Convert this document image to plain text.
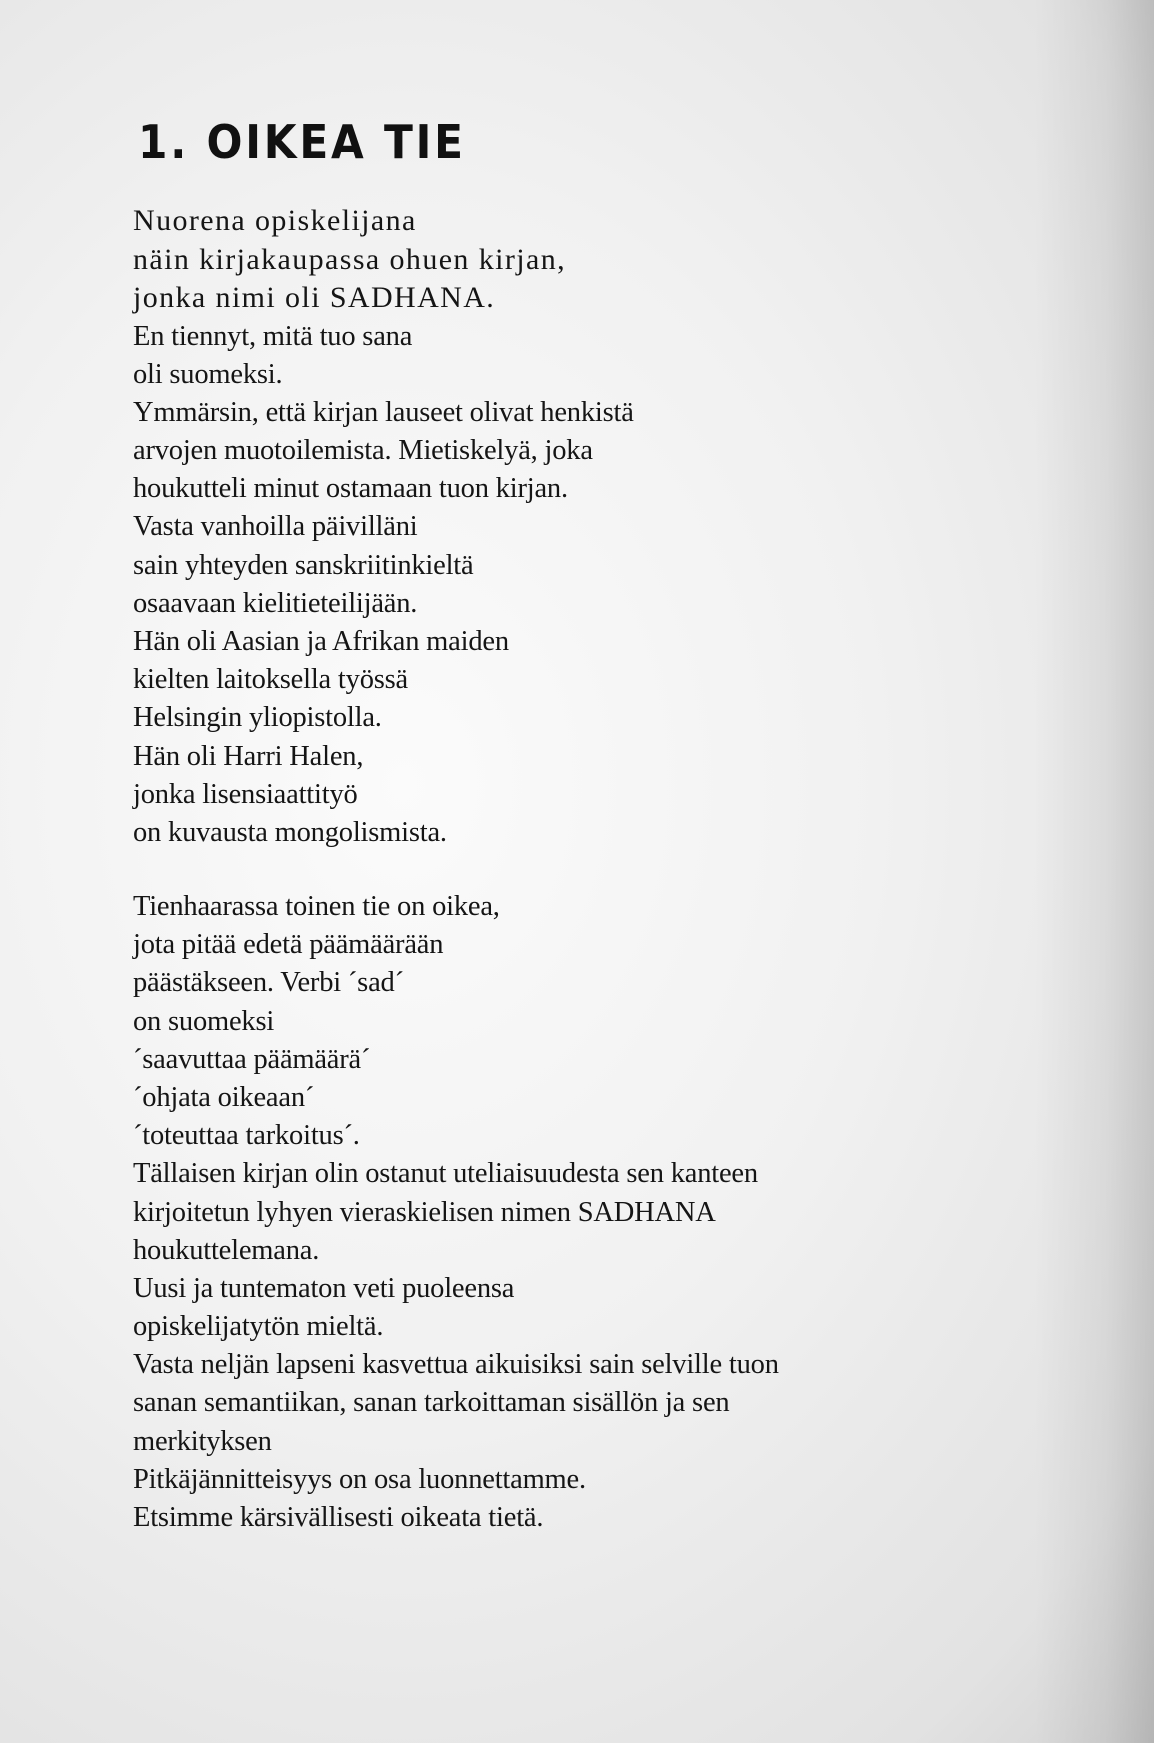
1. OIKEA TIE
Nuorena opiskelijana
näin kirjakaupassa ohuen kirjan,
jonka nimi oli SADHANA.
En tiennyt, mitä tuo sana
oli suomeksi.
Ymmärsin, että kirjan lauseet olivat henkistä
arvojen muotoilemista. Mietiskelyä, joka
houkutteli minut ostamaan tuon kirjan.
Vasta vanhoilla päivilläni
sain yhteyden sanskriitinkieltä
osaavaan kielitieteilijään.
Hän oli Aasian ja Afrikan maiden
kielten laitoksella työssä
Helsingin yliopistolla.
Hän oli Harri Halen,
jonka lisensiaattityö
on kuvausta mongolismista.
Tienhaarassa toinen tie on oikea,
jota pitää edetä päämäärään
päästäkseen. Verbi ´sad´
on suomeksi
´saavuttaa päämäärä´
´ohjata oikeaan´
´toteuttaa tarkoitus´.
Tällaisen kirjan olin ostanut uteliaisuudesta sen kanteen
kirjoitetun lyhyen vieraskielisen nimen SADHANA
houkuttelemana.
Uusi ja tuntematon veti puoleensa
opiskelijatytön mieltä.
Vasta neljän lapseni kasvettua aikuisiksi sain selville tuon
sanan semantiikan, sanan tarkoittaman sisällön ja sen
merkityksen
Pitkäjännitteisyys on osa luonnettamme.
Etsimme kärsivällisesti oikeata tietä.
